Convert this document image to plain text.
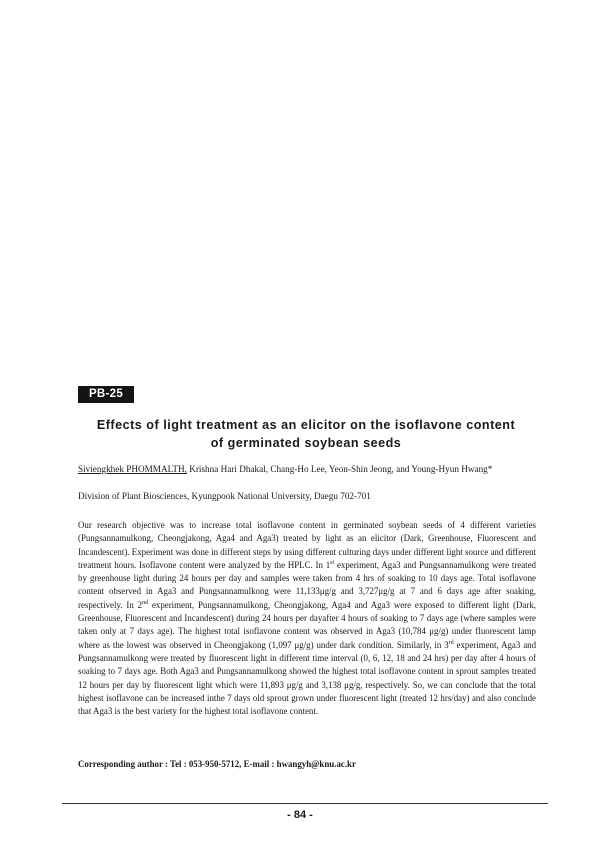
PB-25
Effects of light treatment as an elicitor on the isoflavone content
of germinated soybean seeds
Siviengkhek PHOMMALTH, Krishna Hari Dhakal, Chang-Ho Lee, Yeon-Shin Jeong, and Young-Hyun Hwang*
Division of Plant Biosciences, Kyungpook National University, Daegu 702-701
Our research objective was to increase total isoflavone content in germinated soybean seeds of 4 different varieties (Pungsannamulkong, Cheongjakong, Aga4 and Aga3) treated by light as an elicitor (Dark, Greenhouse, Fluorescent and Incandescent). Experiment was done in different steps by using different culturing days under different light source and different treatment hours. Isoflavone content were analyzed by the HPLC. In 1st experiment, Aga3 and Pungsannamulkong were treated by greenhouse light during 24 hours per day and samples were taken from 4 hrs of soaking to 10 days age. Total isoflavone content observed in Aga3 and Pungsannamulkong were 11,133μg/g and 3,727μg/g at 7 and 6 days age after soaking, respectively. In 2nd experiment, Pungsannamulkong, Cheongjakong, Aga4 and Aga3 were exposed to different light (Dark, Greenhouse, Fluorescent and Incandescent) during 24 hours per dayafter 4 hours of soaking to 7 days age (where samples were taken only at 7 days age). The highest total isoflavone content was observed in Aga3 (10,784 μg/g) under fluorescent lamp where as the lowest was observed in Cheongjakong (1,097 μg/g) under dark condition. Similarly, in 3rd experiment, Aga3 and Pungsannamulkong were treated by fluorescent light in different time interval (0, 6, 12, 18 and 24 hrs) per day after 4 hours of soaking to 7 days age. Both Aga3 and Pungsannamulkong showed the highest total isoflavone content in sprout samples treated 12 hours per day by fluorescent light which were 11,893 μg/g and 3,138 μg/g, respectively. So, we can conclude that the total highest isoflavone can be increased inthe 7 days old sprout grown under fluorescent light (treated 12 hrs/day) and also conclude that Aga3 is the best variety for the highest total isoflavone content.
Corresponding author : Tel : 053-950-5712, E-mail : hwangyh@knu.ac.kr
- 84 -
